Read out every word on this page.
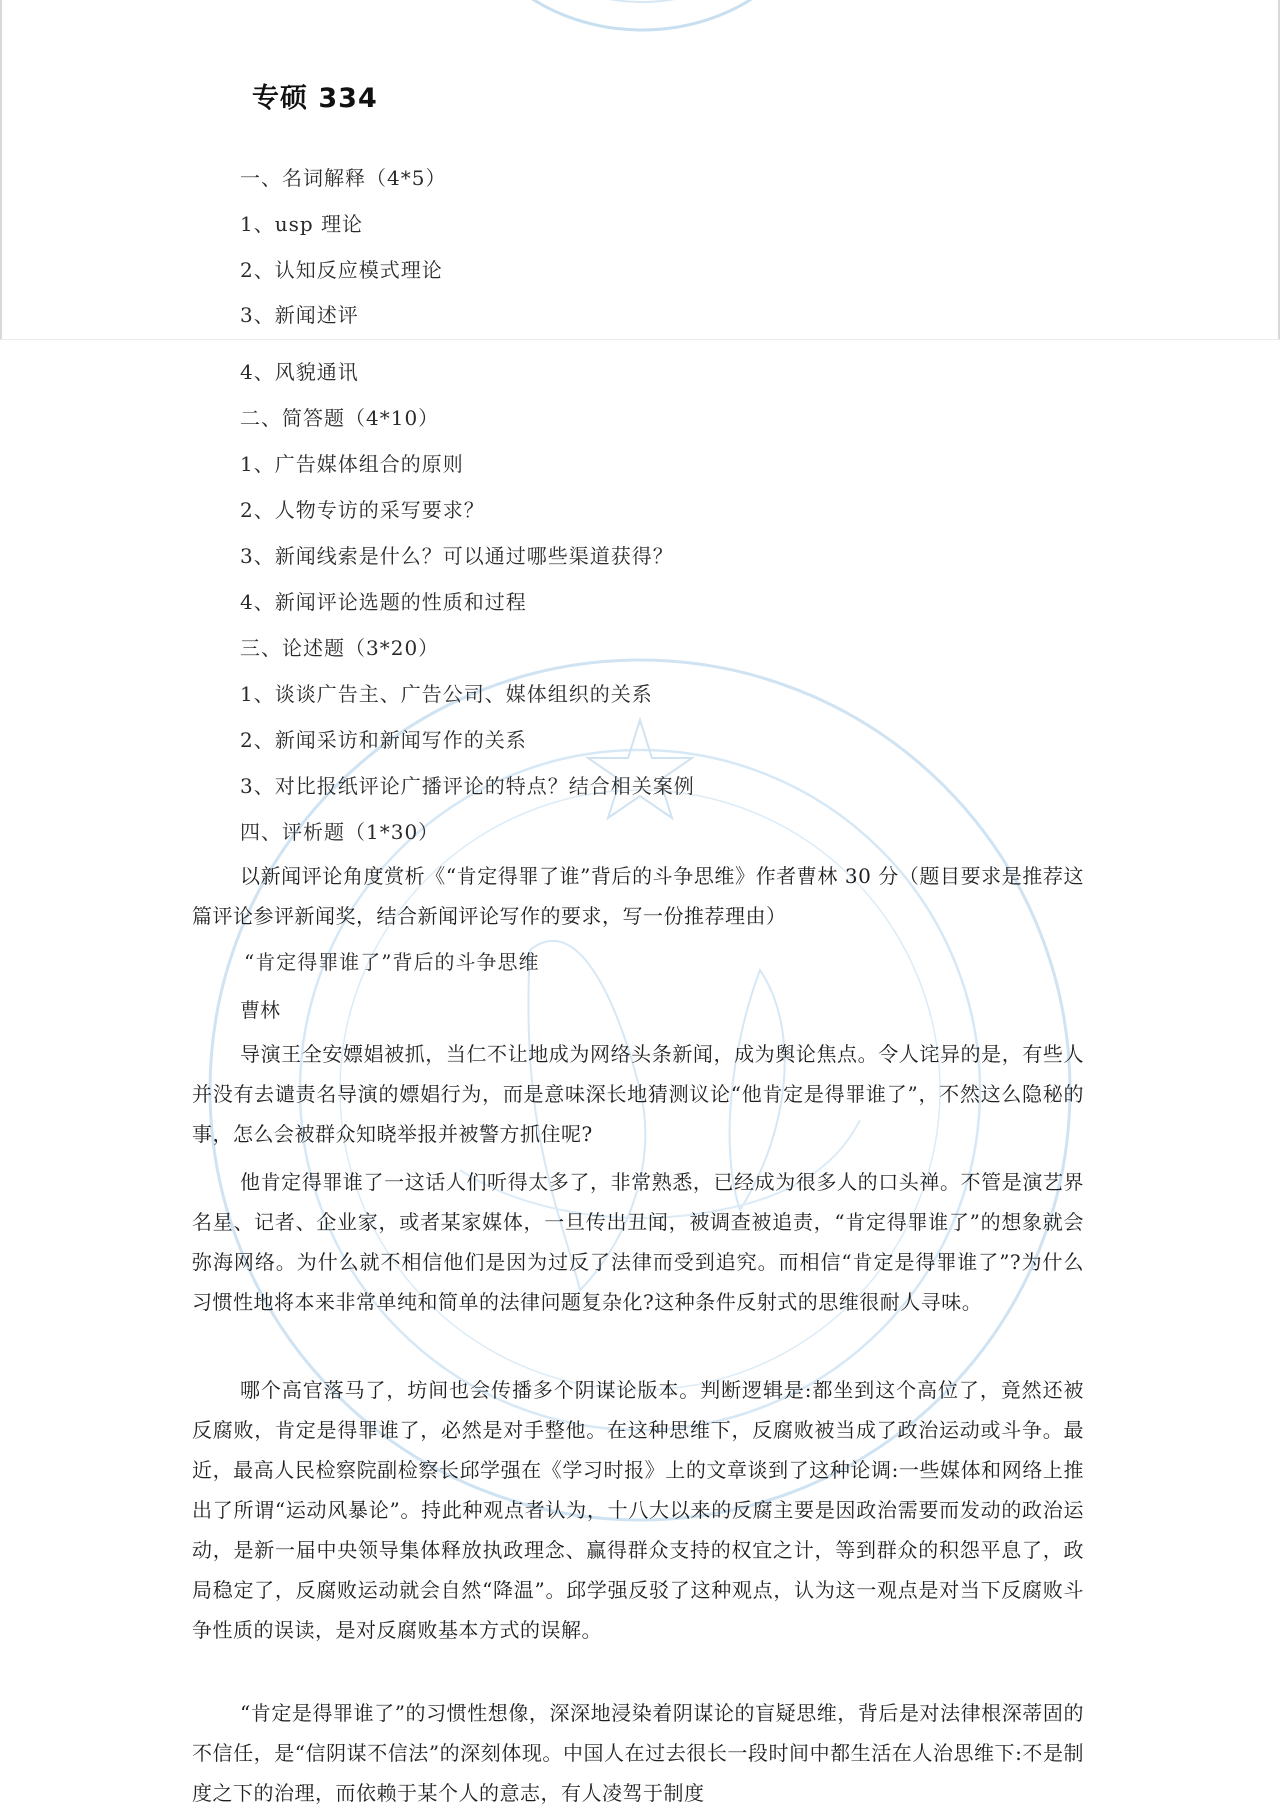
专硕 334
一、名词解释（4*5）
1、usp 理论
2、认知反应模式理论
3、新闻述评
4、风貌通讯
二、简答题（4*10）
1、广告媒体组合的原则
2、人物专访的采写要求？
3、新闻线索是什么？可以通过哪些渠道获得？
4、新闻评论选题的性质和过程
三、论述题（3*20）
1、谈谈广告主、广告公司、媒体组织的关系
2、新闻采访和新闻写作的关系
3、对比报纸评论广播评论的特点？结合相关案例
四、评析题（1*30）
以新闻评论角度赏析《“肯定得罪了谁”背后的斗争思维》作者曹林 30 分（题目要求是推荐这篇评论参评新闻奖，结合新闻评论写作的要求，写一份推荐理由）
“肯定得罪谁了”背后的斗争思维
曹林
导演王全安嫖娼被抓，当仁不让地成为网络头条新闻，成为舆论焦点。令人诧异的是，有些人并没有去谴责名导演的嫖娼行为，而是意味深长地猜测议论“他肯定是得罪谁了”，不然这么隐秘的事，怎么会被群众知晓举报并被警方抓住呢?
他肯定得罪谁了一这话人们听得太多了，非常熟悉，已经成为很多人的口头禅。不管是演艺界名星、记者、企业家，或者某家媒体，一旦传出丑闻，被调查被追责，“肯定得罪谁了”的想象就会弥海网络。为什么就不相信他们是因为过反了法律而受到追究。而相信“肯定是得罪谁了”?为什么习惯性地将本来非常单纯和简单的法律问题复杂化?这种条件反射式的思维很耐人寻味。
哪个高官落马了，坊间也会传播多个阴谋论版本。判断逻辑是:都坐到这个高位了，竟然还被反腐败，肯定是得罪谁了，必然是对手整他。在这种思维下，反腐败被当成了政治运动或斗争。最近，最高人民检察院副检察长邱学强在《学习时报》上的文章谈到了这种论调:一些媒体和网络上推出了所谓“运动风暴论”。持此种观点者认为，十八大以来的反腐主要是因政治需要而发动的政治运动，是新一届中央领导集体释放执政理念、赢得群众支持的权宜之计，等到群众的积怨平息了，政局稳定了，反腐败运动就会自然“降温”。邱学强反驳了这种观点，认为这一观点是对当下反腐败斗争性质的误读，是对反腐败基本方式的误解。
“肯定是得罪谁了”的习惯性想像，深深地浸染着阴谋论的盲疑思维，背后是对法律根深蒂固的不信任，是“信阴谋不信法”的深刻体现。中国人在过去很长一段时间中都生活在人治思维下:不是制度之下的治理，而依赖于某个人的意志，有人凌驾于制度
